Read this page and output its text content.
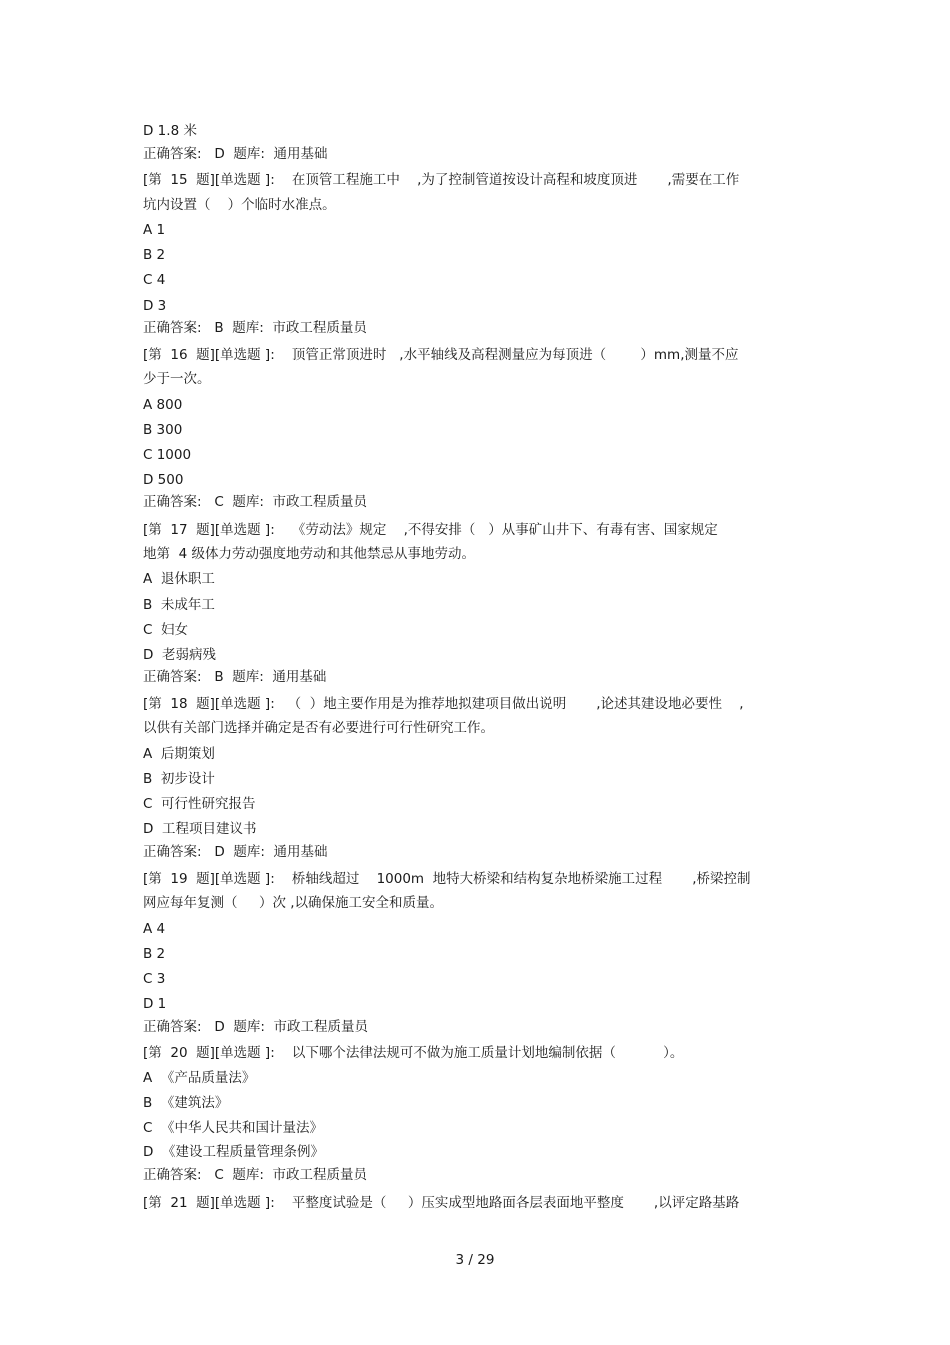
D 1.8 米
正确答案:   D  题库:  通用基础
[第  15  题][单选题 ]:    在顶管工程施工中    ,为了控制管道按设计高程和坡度顶进       ,需要在工作
坑内设置（    ）个临时水准点。
A 1
B 2
C 4
D 3
正确答案:   B  题库:  市政工程质量员
[第  16  题][单选题 ]:    顶管正常顶进时   ,水平轴线及高程测量应为每顶进（        ）mm,测量不应
少于一次。
A 800
B 300
C 1000
D 500
正确答案:   C  题库:  市政工程质量员
[第  17  题][单选题 ]:    《劳动法》规定    ,不得安排（   ）从事矿山井下、有毒有害、国家规定
地第  4 级体力劳动强度地劳动和其他禁忌从事地劳动。
A  退休职工
B  未成年工
C  妇女
D  老弱病残
正确答案:   B  题库:  通用基础
[第  18  题][单选题 ]:   （  ）地主要作用是为推荐地拟建项目做出说明       ,论述其建设地必要性    ,
以供有关部门选择并确定是否有必要进行可行性研究工作。
A  后期策划
B  初步设计
C  可行性研究报告
D  工程项目建议书
正确答案:   D  题库:  通用基础
[第  19  题][单选题 ]:    桥轴线超过    1000m  地特大桥梁和结构复杂地桥梁施工过程       ,桥梁控制
网应每年复测（     ）次 ,以确保施工安全和质量。
A 4
B 2
C 3
D 1
正确答案:   D  题库:  市政工程质量员
[第  20  题][单选题 ]:    以下哪个法律法规可不做为施工质量计划地编制依据（           ）。
A  《产品质量法》
B  《建筑法》
C  《中华人民共和国计量法》
D  《建设工程质量管理条例》
正确答案:   C  题库:  市政工程质量员
[第  21  题][单选题 ]:    平整度试验是（     ）压实成型地路面各层表面地平整度       ,以评定路基路
3 / 29
